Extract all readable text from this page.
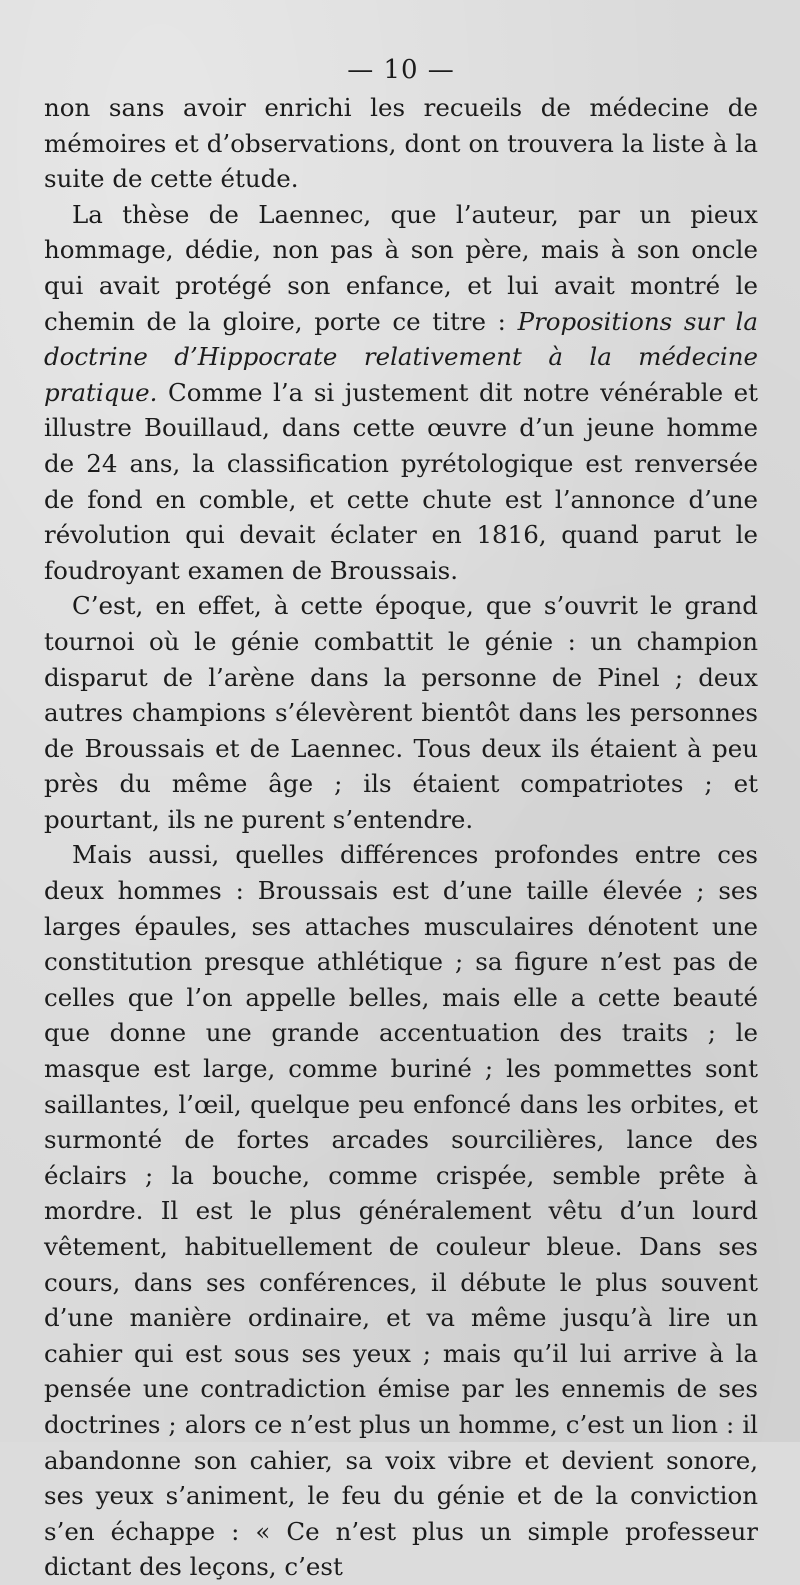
— 10 —

non sans avoir enrichi les recueils de médecine de mémoires et d’observations, dont on trouvera la liste à la suite de cette étude.

La thèse de Laennec, que l’auteur, par un pieux hommage, dédie, non pas à son père, mais à son oncle qui avait protégé son enfance, et lui avait montré le chemin de la gloire, porte ce titre : Propositions sur la doctrine d’Hippocrate relativement à la médecine pratique. Comme l’a si justement dit notre vénérable et illustre Bouillaud, dans cette œuvre d’un jeune homme de 24 ans, la classification pyrétologique est renversée de fond en comble, et cette chute est l’annonce d’une révolution qui devait éclater en 1816, quand parut le foudroyant examen de Broussais.

C’est, en effet, à cette époque, que s’ouvrit le grand tournoi où le génie combattit le génie : un champion disparut de l’arène dans la personne de Pinel ; deux autres champions s’élevèrent bientôt dans les personnes de Broussais et de Laennec. Tous deux ils étaient à peu près du même âge ; ils étaient compatriotes ; et pourtant, ils ne purent s’entendre.

Mais aussi, quelles différences profondes entre ces deux hommes : Broussais est d’une taille élevée ; ses larges épaules, ses attaches musculaires dénotent une constitution presque athlétique ; sa figure n’est pas de celles que l’on appelle belles, mais elle a cette beauté que donne une grande accentuation des traits ; le masque est large, comme buriné ; les pommettes sont saillantes, l’œil, quelque peu enfoncé dans les orbites, et surmonté de fortes arcades sourcilières, lance des éclairs ; la bouche, comme crispée, semble prête à mordre. Il est le plus généralement vêtu d’un lourd vêtement, habituellement de couleur bleue. Dans ses cours, dans ses conférences, il débute le plus souvent d’une manière ordinaire, et va même jusqu’à lire un cahier qui est sous ses yeux ; mais qu’il lui arrive à la pensée une contradiction émise par les ennemis de ses doctrines ; alors ce n’est plus un homme, c’est un lion : il abandonne son cahier, sa voix vibre et devient sonore, ses yeux s’animent, le feu du génie et de la conviction s’en échappe : « Ce n’est plus un simple professeur dictant des leçons, c’est
